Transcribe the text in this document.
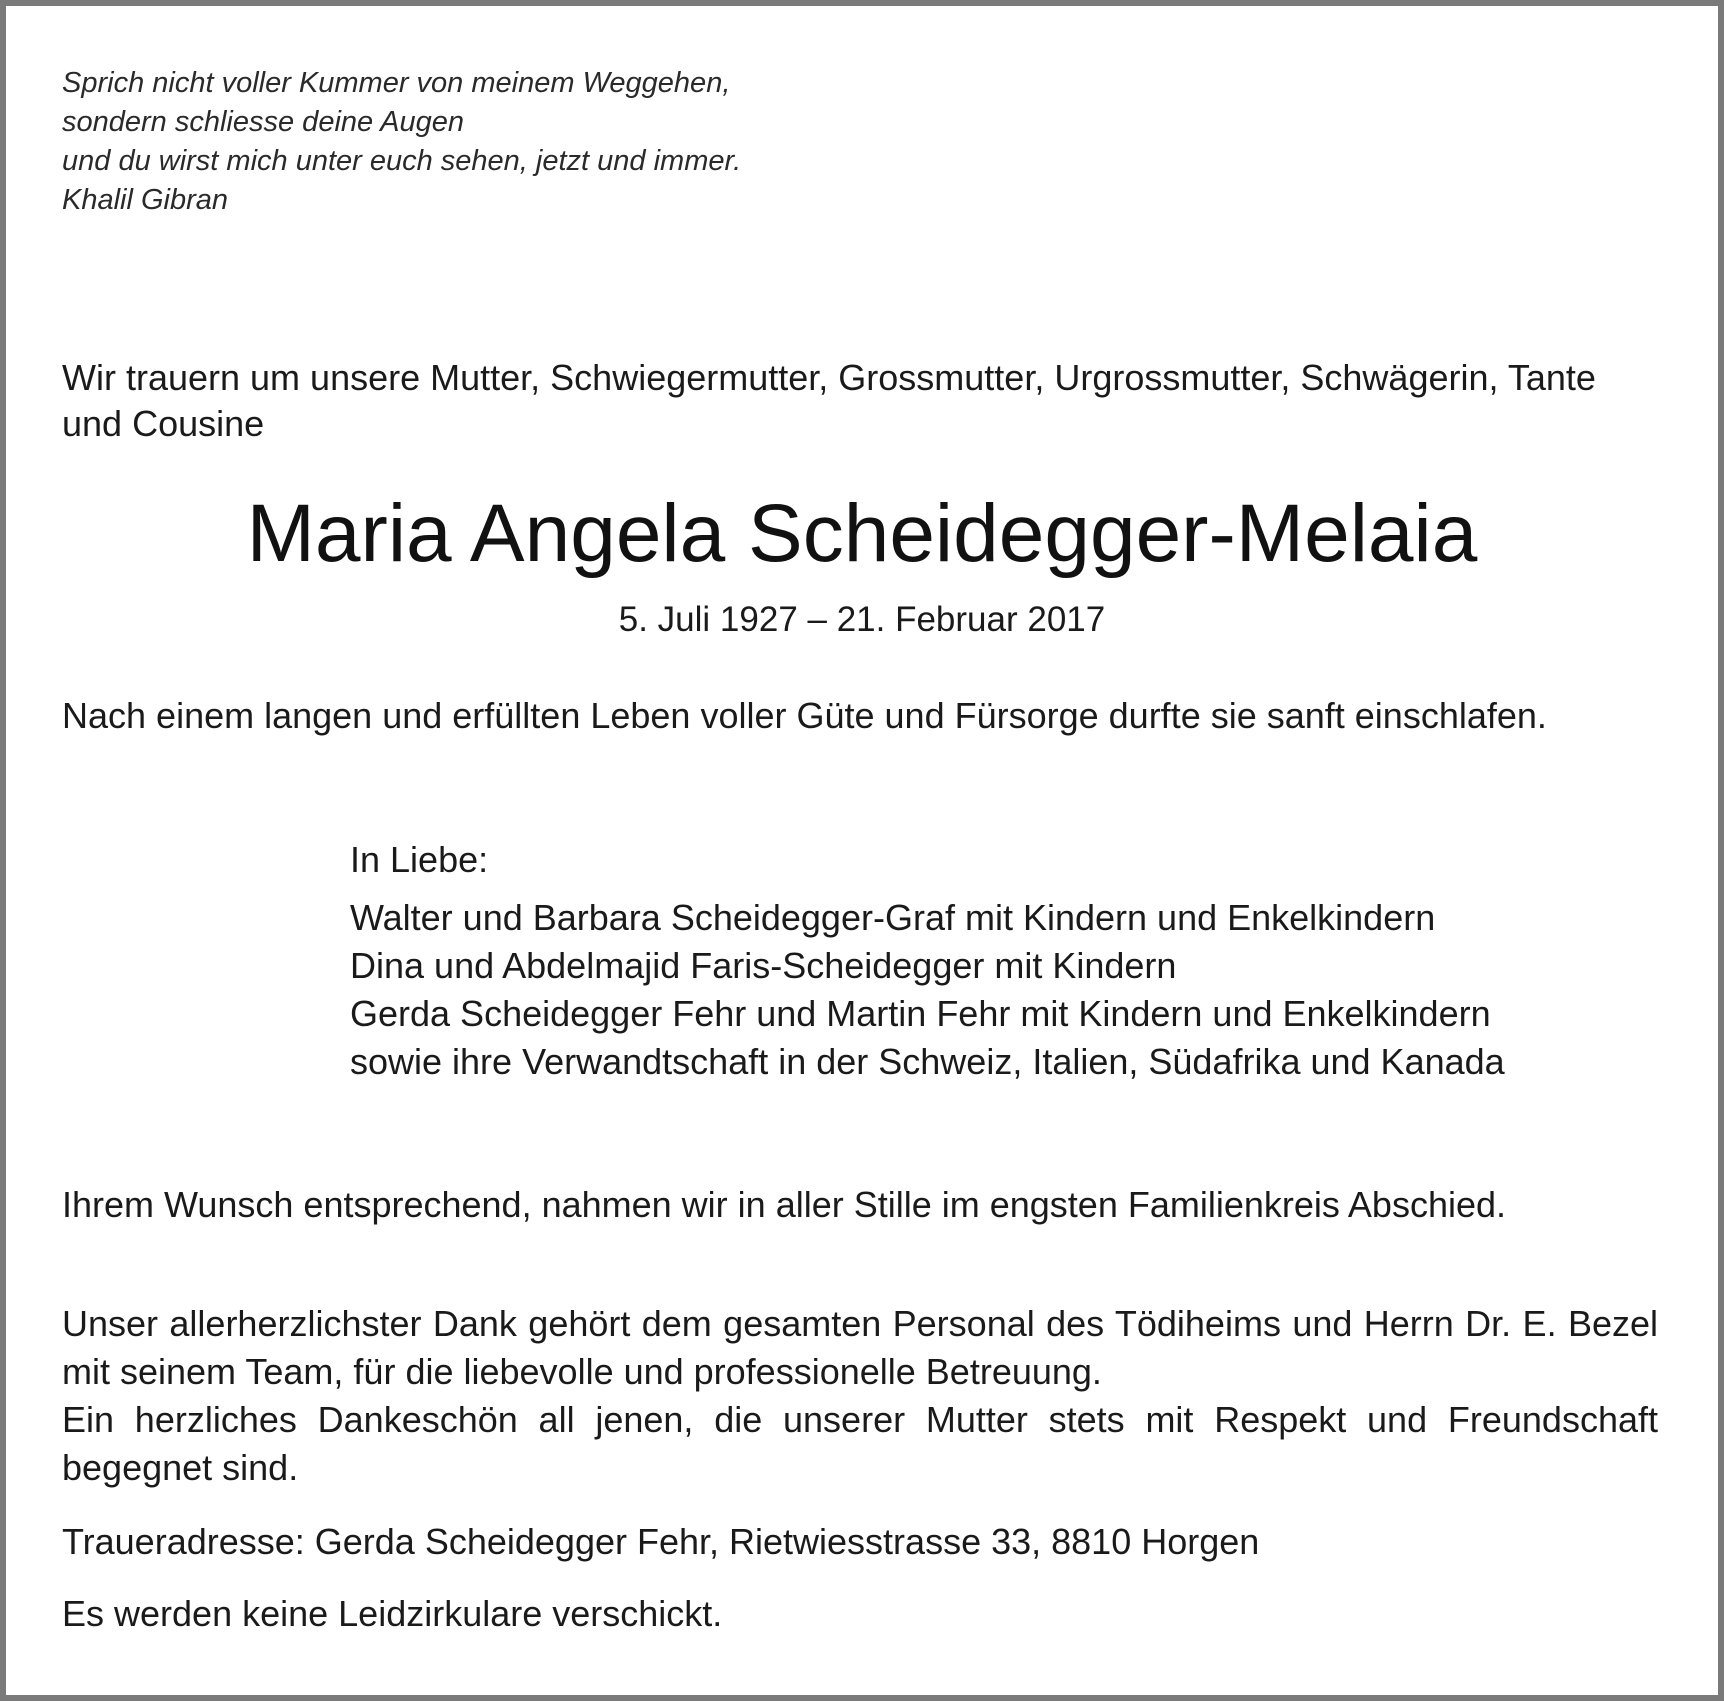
Sprich nicht voller Kummer von meinem Weggehen,
sondern schliesse deine Augen
und du wirst mich unter euch sehen, jetzt und immer.
Khalil Gibran
Wir trauern um unsere Mutter, Schwiegermutter, Grossmutter, Urgrossmutter, Schwägerin, Tante und Cousine
Maria Angela Scheidegger-Melaia
5. Juli 1927 – 21. Februar 2017
Nach einem langen und erfüllten Leben voller Güte und Fürsorge durfte sie sanft einschlafen.
In Liebe:
Walter und Barbara Scheidegger-Graf mit Kindern und Enkelkindern
Dina und Abdelmajid Faris-Scheidegger mit Kindern
Gerda Scheidegger Fehr und Martin Fehr mit Kindern und Enkelkindern
sowie ihre Verwandtschaft in der Schweiz, Italien, Südafrika und Kanada
Ihrem Wunsch entsprechend, nahmen wir in aller Stille im engsten Familienkreis Abschied.
Unser allerherzlichster Dank gehört dem gesamten Personal des Tödiheims und Herrn Dr. E. Bezel mit seinem Team, für die liebevolle und professionelle Betreuung.
Ein herzliches Dankeschön all jenen, die unserer Mutter stets mit Respekt und Freundschaft begegnet sind.
Traueradresse: Gerda Scheidegger Fehr, Rietwiesstrasse 33, 8810 Horgen
Es werden keine Leidzirkulare verschickt.
